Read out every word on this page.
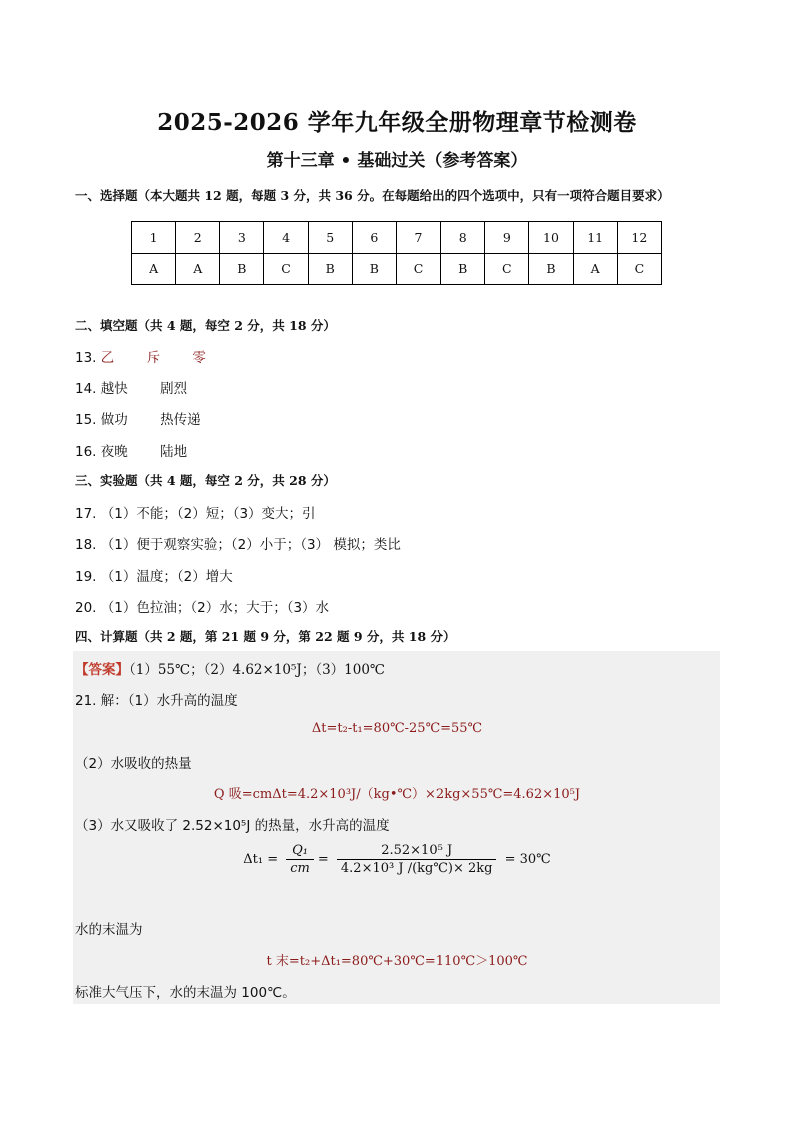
2025-2026 学年九年级全册物理章节检测卷
第十三章 • 基础过关（参考答案）
一、选择题（本大题共 12 题，每题 3 分，共 36 分。在每题给出的四个选项中，只有一项符合题目要求）
1	2	3	4	5	6	7	8	9	10	11	12
A	A	B	C	B	B	C	B	C	B	A	C
二、填空题（共 4 题，每空 2 分，共 18 分）
13. 乙 斥 零
14. 越快 剧烈
15. 做功 热传递
16. 夜晚 陆地
三、实验题（共 4 题，每空 2 分，共 28 分）
17. （1）不能；（2）短；（3）变大；引
18. （1）便于观察实验；（2）小于；（3） 模拟；类比
19. （1）温度；（2）增大
20. （1）色拉油；（2）水；大于；（3）水
四、计算题（共 2 题，第 21 题 9 分，第 22 题 9 分，共 18 分）
【答案】（1）55℃；（2）4.62×10⁵J；（3）100℃
21. 解：（1）水升高的温度
Δt=t₂-t₁=80℃-25℃=55℃
（2）水吸收的热量
Q 吸=cmΔt=4.2×10³J/（kg•℃）×2kg×55℃=4.62×10⁵J
（3）水又吸收了 2.52×10⁵J 的热量，水升高的温度
$\Delta t_1 = \frac{\text{Q₁}}{cm} = \frac{\text{2.52×10⁵ J}}{\text{4.2×10³ J /(kg℃)× 2kg}}$ = 30℃
水的末温为
t 末=t₂+Δt₁=80℃+30℃=110℃＞100℃
标准大气压下，水的末温为 100℃。
